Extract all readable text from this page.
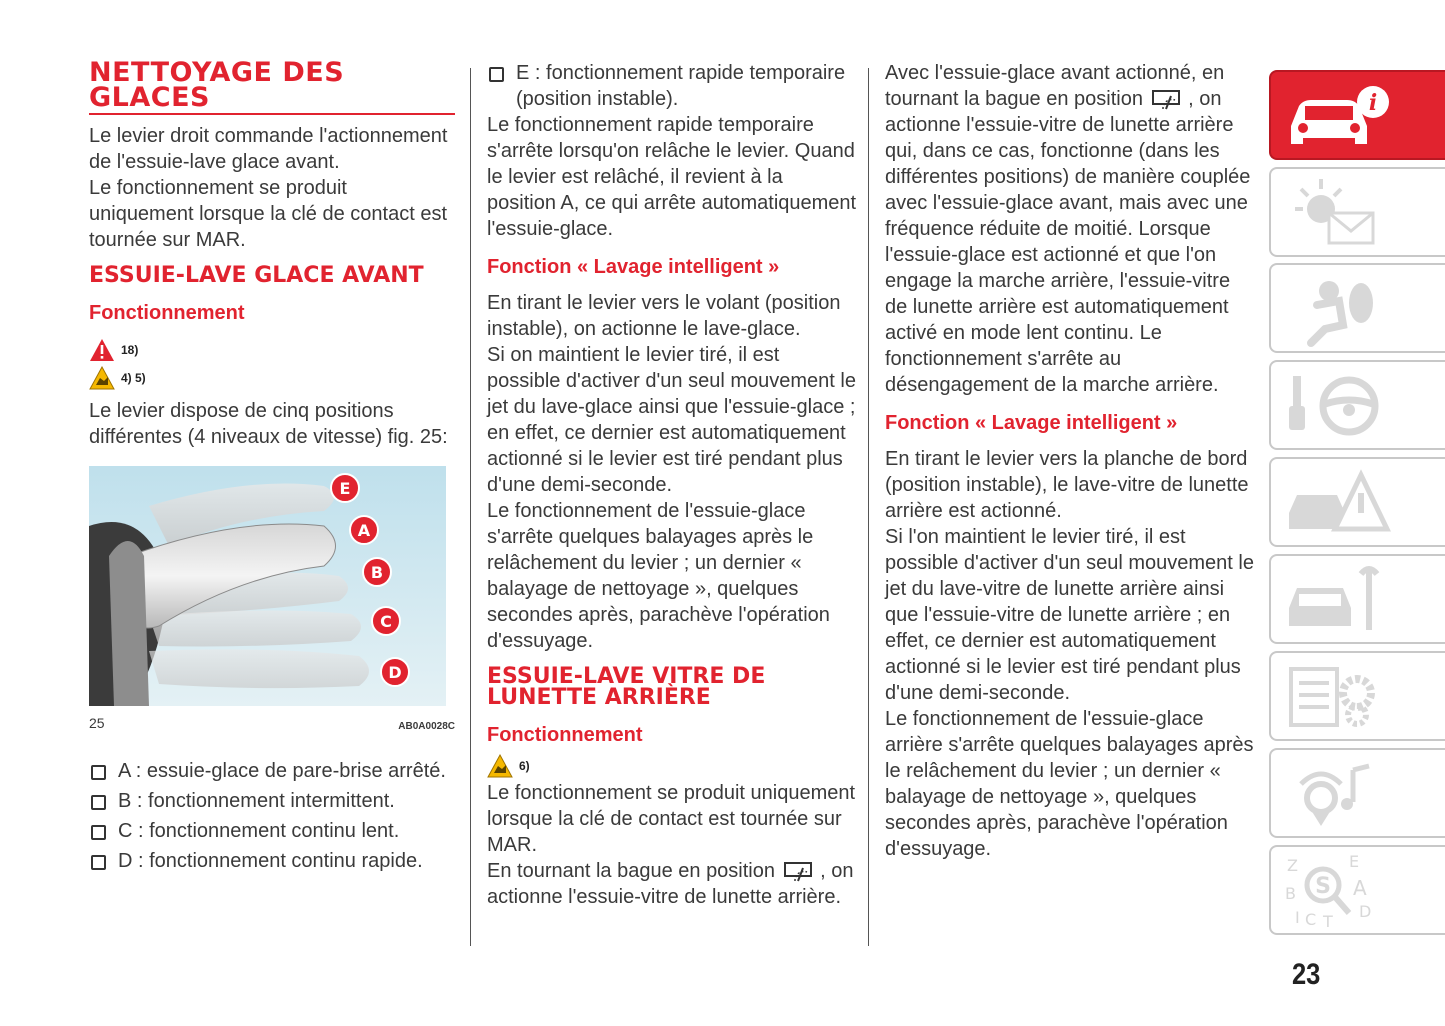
NETTOYAGE DES GLACES

Le levier droit commande l'actionnement de l'essuie-lave glace avant.

Le fonctionnement se produit uniquement lorsque la clé de contact est tournée sur MAR.

ESSUIE-LAVE GLACE AVANT
Fonctionnement
18)
4) 5)

Le levier dispose de cinq positions différentes (4 niveaux de vitesse) fig. 25:

E
A
B
C
D
25	AB0A0028C
A : essuie-glace de pare-brise arrêté.
B : fonctionnement intermittent.
C : fonctionnement continu lent.
D : fonctionnement continu rapide.
E : fonctionnement rapide temporaire (position instable).

Le fonctionnement rapide temporaire s'arrête lorsqu'on relâche le levier. Quand le levier est relâché, il revient à la position A, ce qui arrête automatiquement l'essuie-glace.

Fonction « Lavage intelligent »

En tirant le levier vers le volant (position instable), on actionne le lave-glace.

Si on maintient le levier tiré, il est possible d'activer d'un seul mouvement le jet du lave-glace ainsi que l'essuie-glace ; en effet, ce dernier est automatiquement actionné si le levier est tiré pendant plus d'une demi-seconde.

Le fonctionnement de l'essuie-glace s'arrête quelques balayages après le relâchement du levier ; un dernier « balayage de nettoyage », quelques secondes après, parachève l'opération d'essuyage.

ESSUIE-LAVE VITRE DE LUNETTE ARRIÈRE
Fonctionnement
6)

Le fonctionnement se produit uniquement lorsque la clé de contact est tournée sur MAR.

En tournant la bague en position , on actionne l'essuie-vitre de lunette arrière.

Avec l'essuie-glace avant actionné, en tournant la bague en position , on actionne l'essuie-vitre de lunette arrière qui, dans ce cas, fonctionne (dans les différentes positions) de manière couplée avec l'essuie-glace avant, mais avec une fréquence réduite de moitié. Lorsque l'essuie-glace est actionné et que l'on engage la marche arrière, l'essuie-vitre de lunette arrière est automatiquement activé en mode lent continu. Le fonctionnement s'arrête au désengagement de la marche arrière.

Fonction « Lavage intelligent »

En tirant le levier vers la planche de bord (position instable), le lave-vitre de lunette arrière est actionné.

Si l'on maintient le levier tiré, il est possible d'activer d'un seul mouvement le jet du lave-vitre de lunette arrière ainsi que l'essuie-vitre de lunette arrière ; en effet, ce dernier est automatiquement actionné si le levier est tiré pendant plus d'une demi-seconde.

Le fonctionnement de l'essuie-glace arrière s'arrête quelques balayages après le relâchement du levier ; un dernier « balayage de nettoyage », quelques secondes après, parachève l'opération d'essuyage.

i
Z	E
A
B
D
I C T
S
23
